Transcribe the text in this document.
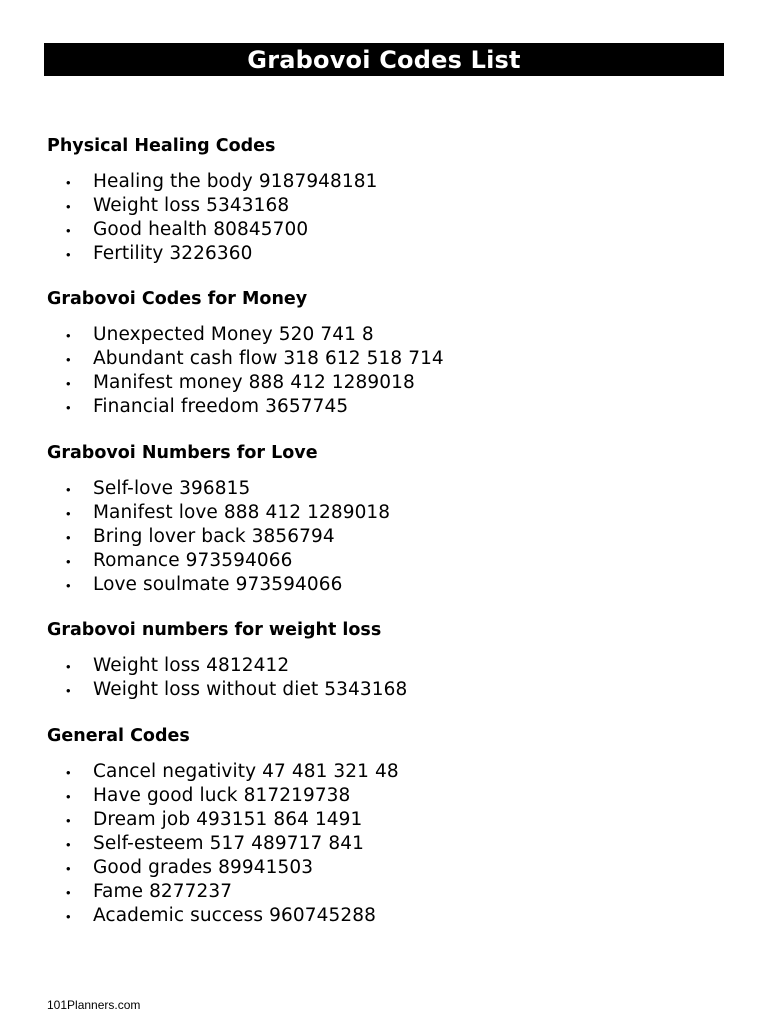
Grabovoi Codes List
Physical Healing Codes
• Healing the body 9187948181
• Weight loss 5343168
• Good health 80845700
• Fertility 3226360
Grabovoi Codes for Money
• Unexpected Money 520 741 8
• Abundant cash flow 318 612 518 714
• Manifest money 888 412 1289018
• Financial freedom 3657745
Grabovoi Numbers for Love
• Self-love 396815
• Manifest love 888 412 1289018
• Bring lover back 3856794
• Romance 973594066
• Love soulmate 973594066
Grabovoi numbers for weight loss
• Weight loss 4812412
• Weight loss without diet 5343168
General Codes
• Cancel negativity 47 481 321 48
• Have good luck 817219738
• Dream job 493151 864 1491
• Self-esteem 517 489717 841
• Good grades 89941503
• Fame 8277237
• Academic success 960745288
101Planners.com
